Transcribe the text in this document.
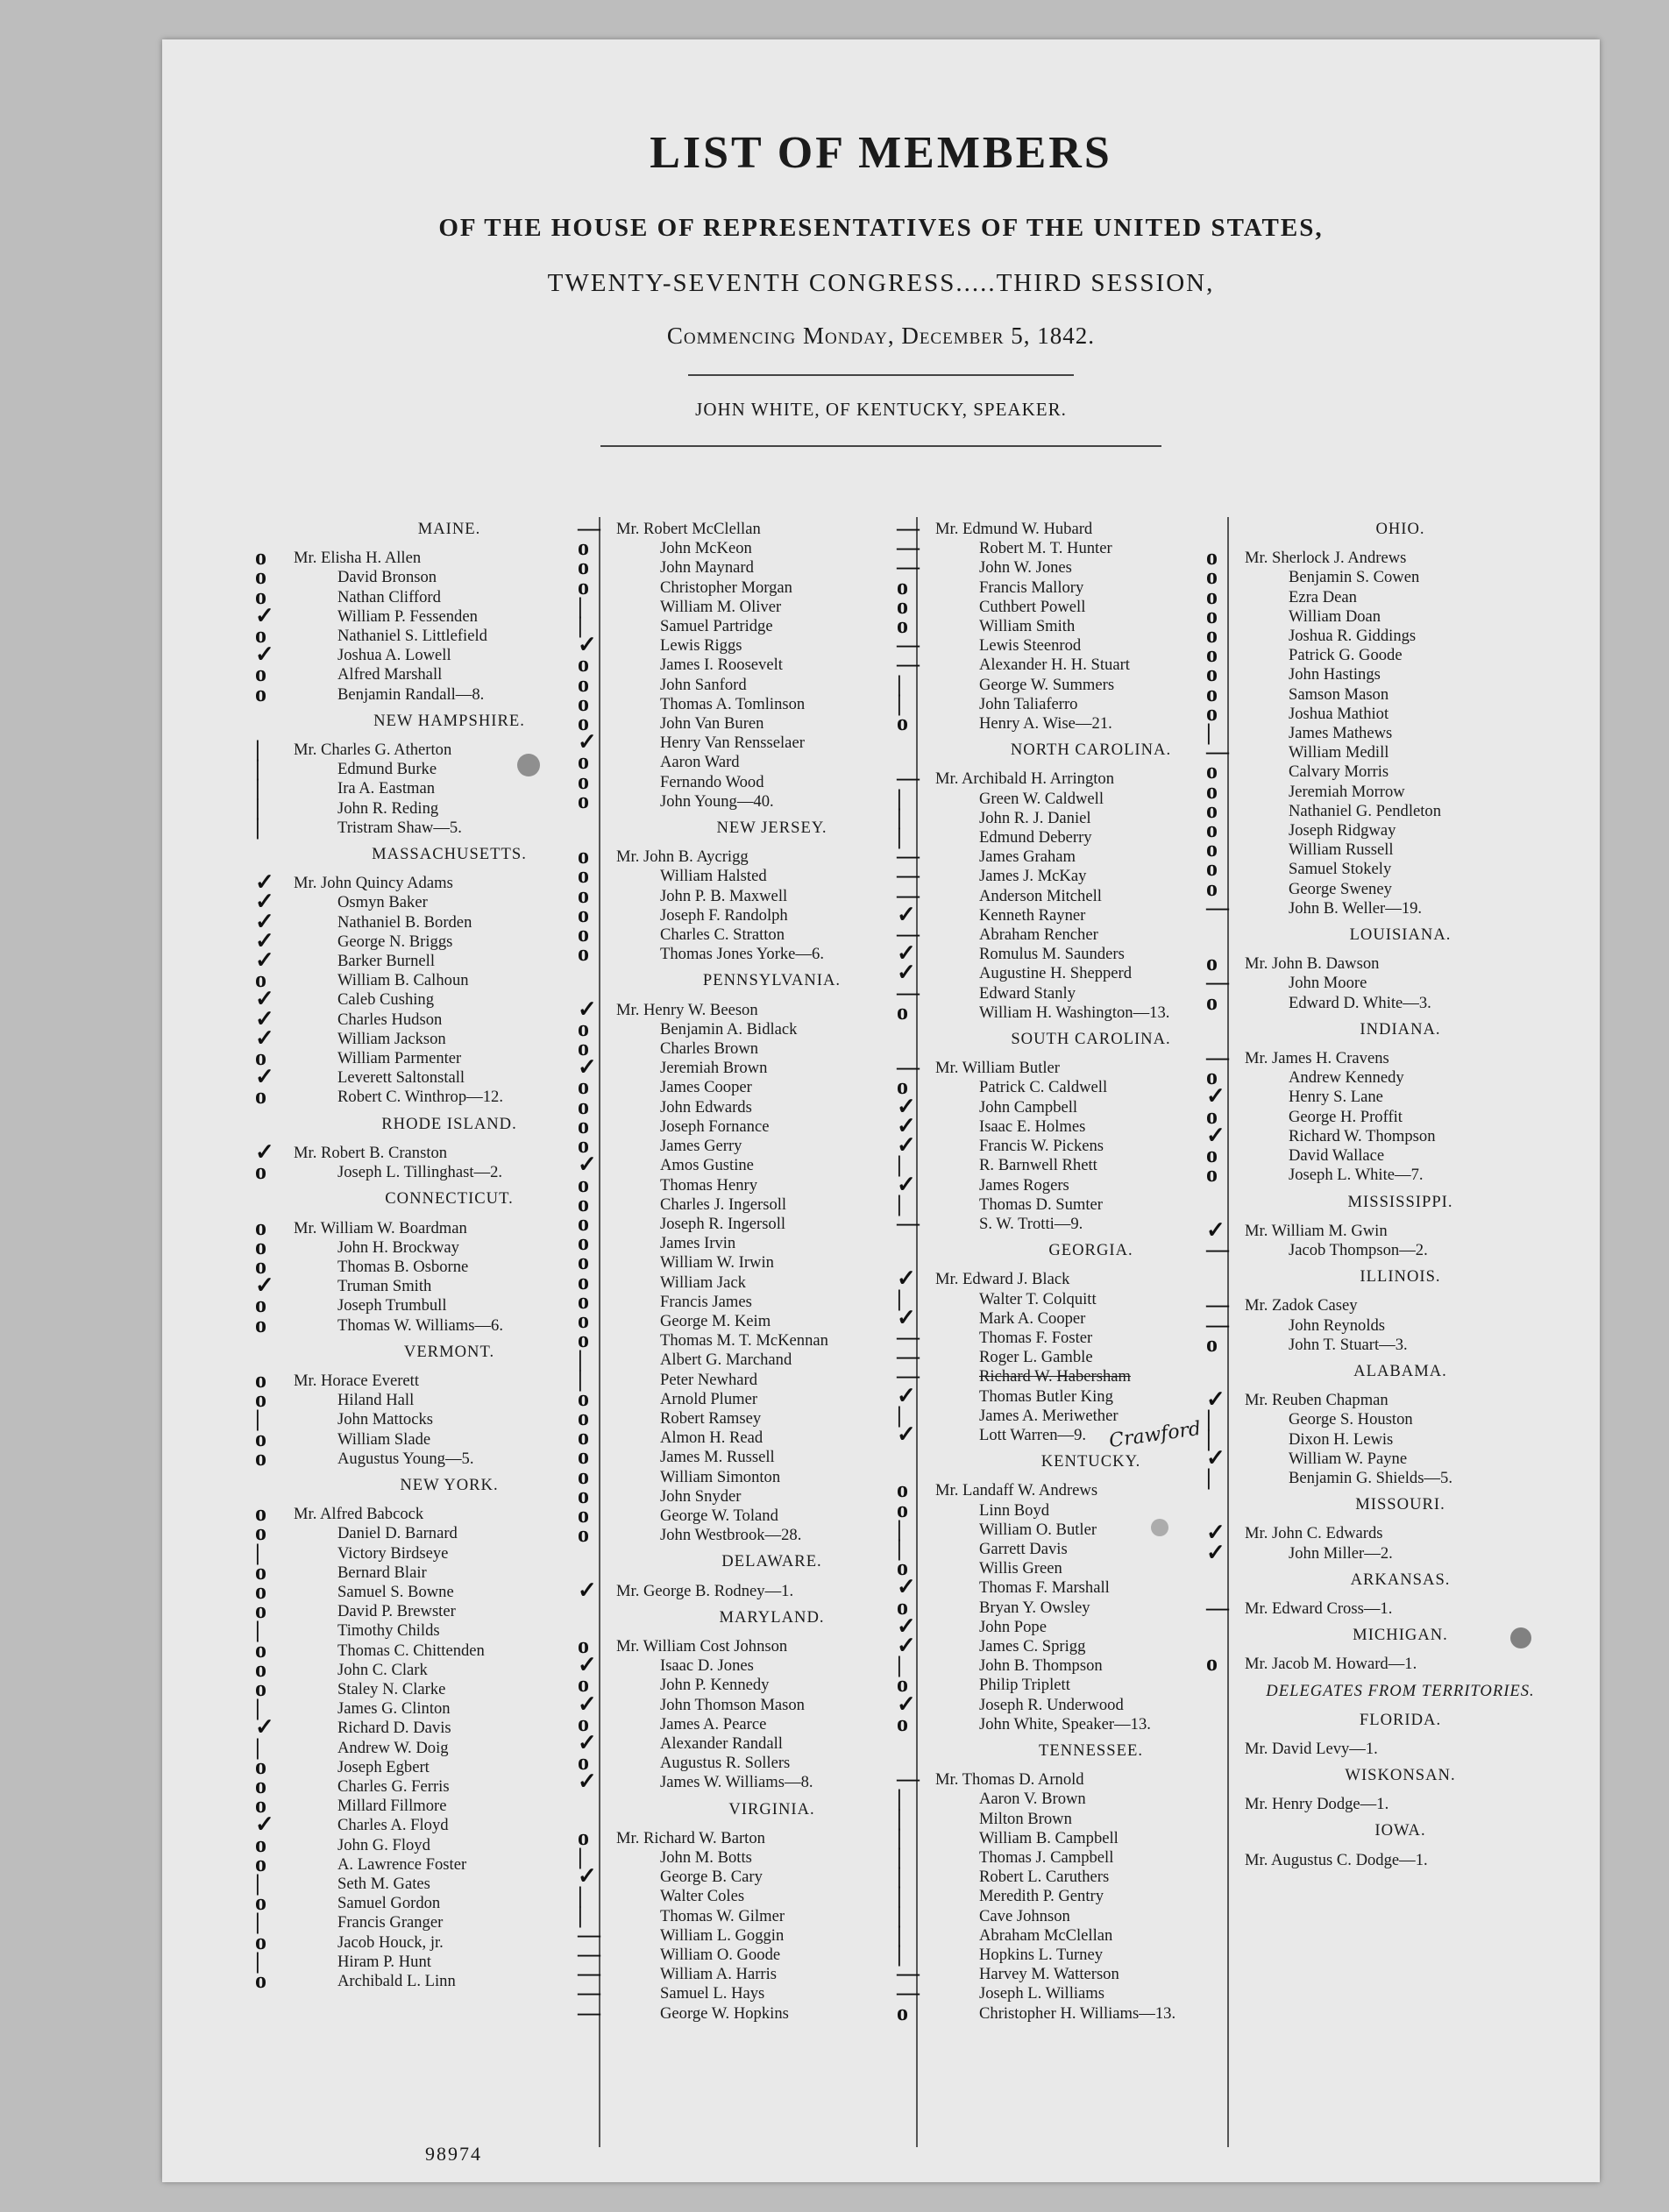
LIST OF MEMBERS
OF THE HOUSE OF REPRESENTATIVES OF THE UNITED STATES,
TWENTY-SEVENTH CONGRESS.....THIRD SESSION,
Commencing Monday, December 5, 1842.
JOHN WHITE, OF KENTUCKY, SPEAKER.
MAINE.
o Mr. Elisha H. Allen
o	David Bronson
o	Nathan Clifford
✓	William P. Fessenden
o	Nathaniel S. Littlefield
✓	Joshua A. Lowell
o	Alfred Marshall
o	Benjamin Randall—8.
NEW HAMPSHIRE.
| Mr. Charles G. Atherton
|	Edmund Burke
|	Ira A. Eastman
|	John R. Reding
|	Tristram Shaw—5.
MASSACHUSETTS.
✓ Mr. John Quincy Adams
✓	Osmyn Baker
✓	Nathaniel B. Borden
✓	George N. Briggs
✓	Barker Burnell
o	William B. Calhoun
✓	Caleb Cushing
✓	Charles Hudson
✓	William Jackson
o	William Parmenter
✓	Leverett Saltonstall
o	Robert C. Winthrop—12.
RHODE ISLAND.
✓ Mr. Robert B. Cranston
o	Joseph L. Tillinghast—2.
CONNECTICUT.
o Mr. William W. Boardman
o	John H. Brockway
o	Thomas B. Osborne
✓	Truman Smith
o	Joseph Trumbull
o	Thomas W. Williams—6.
VERMONT.
o Mr. Horace Everett
o	Hiland Hall
|	John Mattocks
o	William Slade
o	Augustus Young—5.
NEW YORK.
o Mr. Alfred Babcock
o	Daniel D. Barnard
|	Victory Birdseye
o	Bernard Blair
o	Samuel S. Bowne
o	David P. Brewster
|	Timothy Childs
o	Thomas C. Chittenden
o	John C. Clark
o	Staley N. Clarke
|	James G. Clinton
✓	Richard D. Davis
|	Andrew W. Doig
o	Joseph Egbert
o	Charles G. Ferris
o	Millard Fillmore
✓	Charles A. Floyd
o	John G. Floyd
o	A. Lawrence Foster
|	Seth M. Gates
o	Samuel Gordon
|	Francis Granger
o	Jacob Houck, jr.
|	Hiram P. Hunt
o	Archibald L. Linn
— Mr. Robert McClellan
o	John McKeon
o	John Maynard
o	Christopher Morgan
|	William M. Oliver
|	Samuel Partridge
✓	Lewis Riggs
o	James I. Roosevelt
o	John Sanford
o	Thomas A. Tomlinson
o	John Van Buren
✓	Henry Van Rensselaer
o	Aaron Ward
o	Fernando Wood
o	John Young—40.
NEW JERSEY.
o Mr. John B. Aycrigg
o	William Halsted
o	John P. B. Maxwell
o	Joseph F. Randolph
o	Charles C. Stratton
o	Thomas Jones Yorke—6.
PENNSYLVANIA.
✓ Mr. Henry W. Beeson
o	Benjamin A. Bidlack
o	Charles Brown
✓	Jeremiah Brown
o	James Cooper
o	John Edwards
o	Joseph Fornance
o	James Gerry
✓	Amos Gustine
o	Thomas Henry
o	Charles J. Ingersoll
o	Joseph R. Ingersoll
o	James Irvin
o	William W. Irwin
o	William Jack
o	Francis James
o	George M. Keim
o	Thomas M. T. McKennan
|	Albert G. Marchand
|	Peter Newhard
o	Arnold Plumer
o	Robert Ramsey
o	Almon H. Read
o	James M. Russell
o	William Simonton
o	John Snyder
o	George W. Toland
o	John Westbrook—28.
DELAWARE.
✓ Mr. George B. Rodney—1.
MARYLAND.
o Mr. William Cost Johnson
✓	Isaac D. Jones
o	John P. Kennedy
✓	John Thomson Mason
o	James A. Pearce
✓	Alexander Randall
o	Augustus R. Sollers
✓	James W. Williams—8.
VIRGINIA.
o Mr. Richard W. Barton
|	John M. Botts
✓	George B. Cary
|	Walter Coles
|	Thomas W. Gilmer
—	William L. Goggin
—	William O. Goode
—	William A. Harris
—	Samuel L. Hays
—	George W. Hopkins
— Mr. Edmund W. Hubard
—	Robert M. T. Hunter
—	John W. Jones
o	Francis Mallory
o	Cuthbert Powell
o	William Smith
—	Lewis Steenrod
—	Alexander H. H. Stuart
|	George W. Summers
|	John Taliaferro
o	Henry A. Wise—21.
NORTH CAROLINA.
— Mr. Archibald H. Arrington
|	Green W. Caldwell
|	John R. J. Daniel
|	Edmund Deberry
—	James Graham
—	James J. McKay
—	Anderson Mitchell
✓	Kenneth Rayner
—	Abraham Rencher
✓	Romulus M. Saunders
✓	Augustine H. Shepperd
—	Edward Stanly
o	William H. Washington—13.
SOUTH CAROLINA.
— Mr. William Butler
o	Patrick C. Caldwell
✓	John Campbell
✓	Isaac E. Holmes
✓	Francis W. Pickens
|	R. Barnwell Rhett
✓	James Rogers
|	Thomas D. Sumter
—	S. W. Trotti—9.
GEORGIA.
✓ Mr. Edward J. Black
|	Walter T. Colquitt
✓	Mark A. Cooper
—	Thomas F. Foster
—	Roger L. Gamble
—	Richard W. Habersham
✓	Thomas Butler King
|	James A. Meriwether
✓	Lott Warren—9.
KENTUCKY.
o Mr. Landaff W. Andrews
o	Linn Boyd
|	William O. Butler
|	Garrett Davis
o	Willis Green
✓	Thomas F. Marshall
o	Bryan Y. Owsley
✓	John Pope
✓	James C. Sprigg
|	John B. Thompson
o	Philip Triplett
✓	Joseph R. Underwood
o	John White, Speaker—13.
TENNESSEE.
— Mr. Thomas D. Arnold
|	Aaron V. Brown
|	Milton Brown
|	William B. Campbell
|	Thomas J. Campbell
|	Robert L. Caruthers
|	Meredith P. Gentry
|	Cave Johnson
|	Abraham McClellan
|	Hopkins L. Turney
—	Harvey M. Watterson
—	Joseph L. Williams
o	Christopher H. Williams—13.
OHIO.
o Mr. Sherlock J. Andrews
o	Benjamin S. Cowen
o	Ezra Dean
o	William Doan
o	Joshua R. Giddings
o	Patrick G. Goode
o	John Hastings
o	Samson Mason
o	Joshua Mathiot
|	James Mathews
—	William Medill
o	Calvary Morris
o	Jeremiah Morrow
o	Nathaniel G. Pendleton
o	Joseph Ridgway
o	William Russell
o	Samuel Stokely
o	George Sweney
—	John B. Weller—19.
LOUISIANA.
o Mr. John B. Dawson
—	John Moore
o	Edward D. White—3.
INDIANA.
— Mr. James H. Cravens
o	Andrew Kennedy
✓	Henry S. Lane
o	George H. Proffit
✓	Richard W. Thompson
o	David Wallace
o	Joseph L. White—7.
MISSISSIPPI.
✓ Mr. William M. Gwin
—	Jacob Thompson—2.
ILLINOIS.
— Mr. Zadok Casey
—	John Reynolds
o	John T. Stuart—3.
ALABAMA.
✓ Mr. Reuben Chapman
|	George S. Houston
|	Dixon H. Lewis
✓	William W. Payne
|	Benjamin G. Shields—5.
MISSOURI.
✓ Mr. John C. Edwards
✓	John Miller—2.
ARKANSAS.
— Mr. Edward Cross—1.
MICHIGAN.
o Mr. Jacob M. Howard—1.
DELEGATES FROM TERRITORIES.
FLORIDA.
Mr. David Levy—1.
WISKONSAN.
Mr. Henry Dodge—1.
IOWA.
Mr. Augustus C. Dodge—1.
98974
Crawford
